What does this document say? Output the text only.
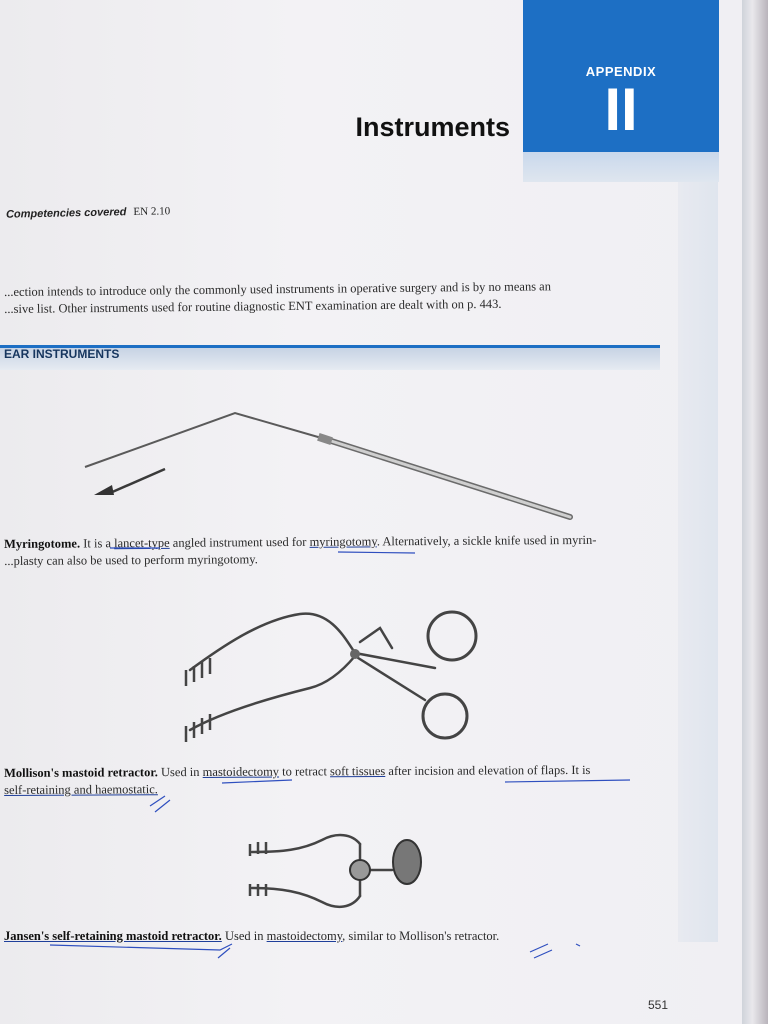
APPENDIX
II
Instruments
Competencies covered EN 2.10

...ection intends to introduce only the commonly used instruments in operative surgery and is by no means an

...sive list. Other instruments used for routine diagnostic ENT examination are dealt with on p. 443.

EAR INSTRUMENTS
Myringotome. It is a lancet-type angled instrument used for myringotomy. Alternatively, a sickle knife used in myrin-
...plasty can also be used to perform myringotomy.
Mollison's mastoid retractor. Used in mastoidectomy to retract soft tissues after incision and elevation of flaps. It is
self-retaining and haemostatic.
Jansen's self-retaining mastoid retractor. Used in mastoidectomy, similar to Mollison's retractor.
551
